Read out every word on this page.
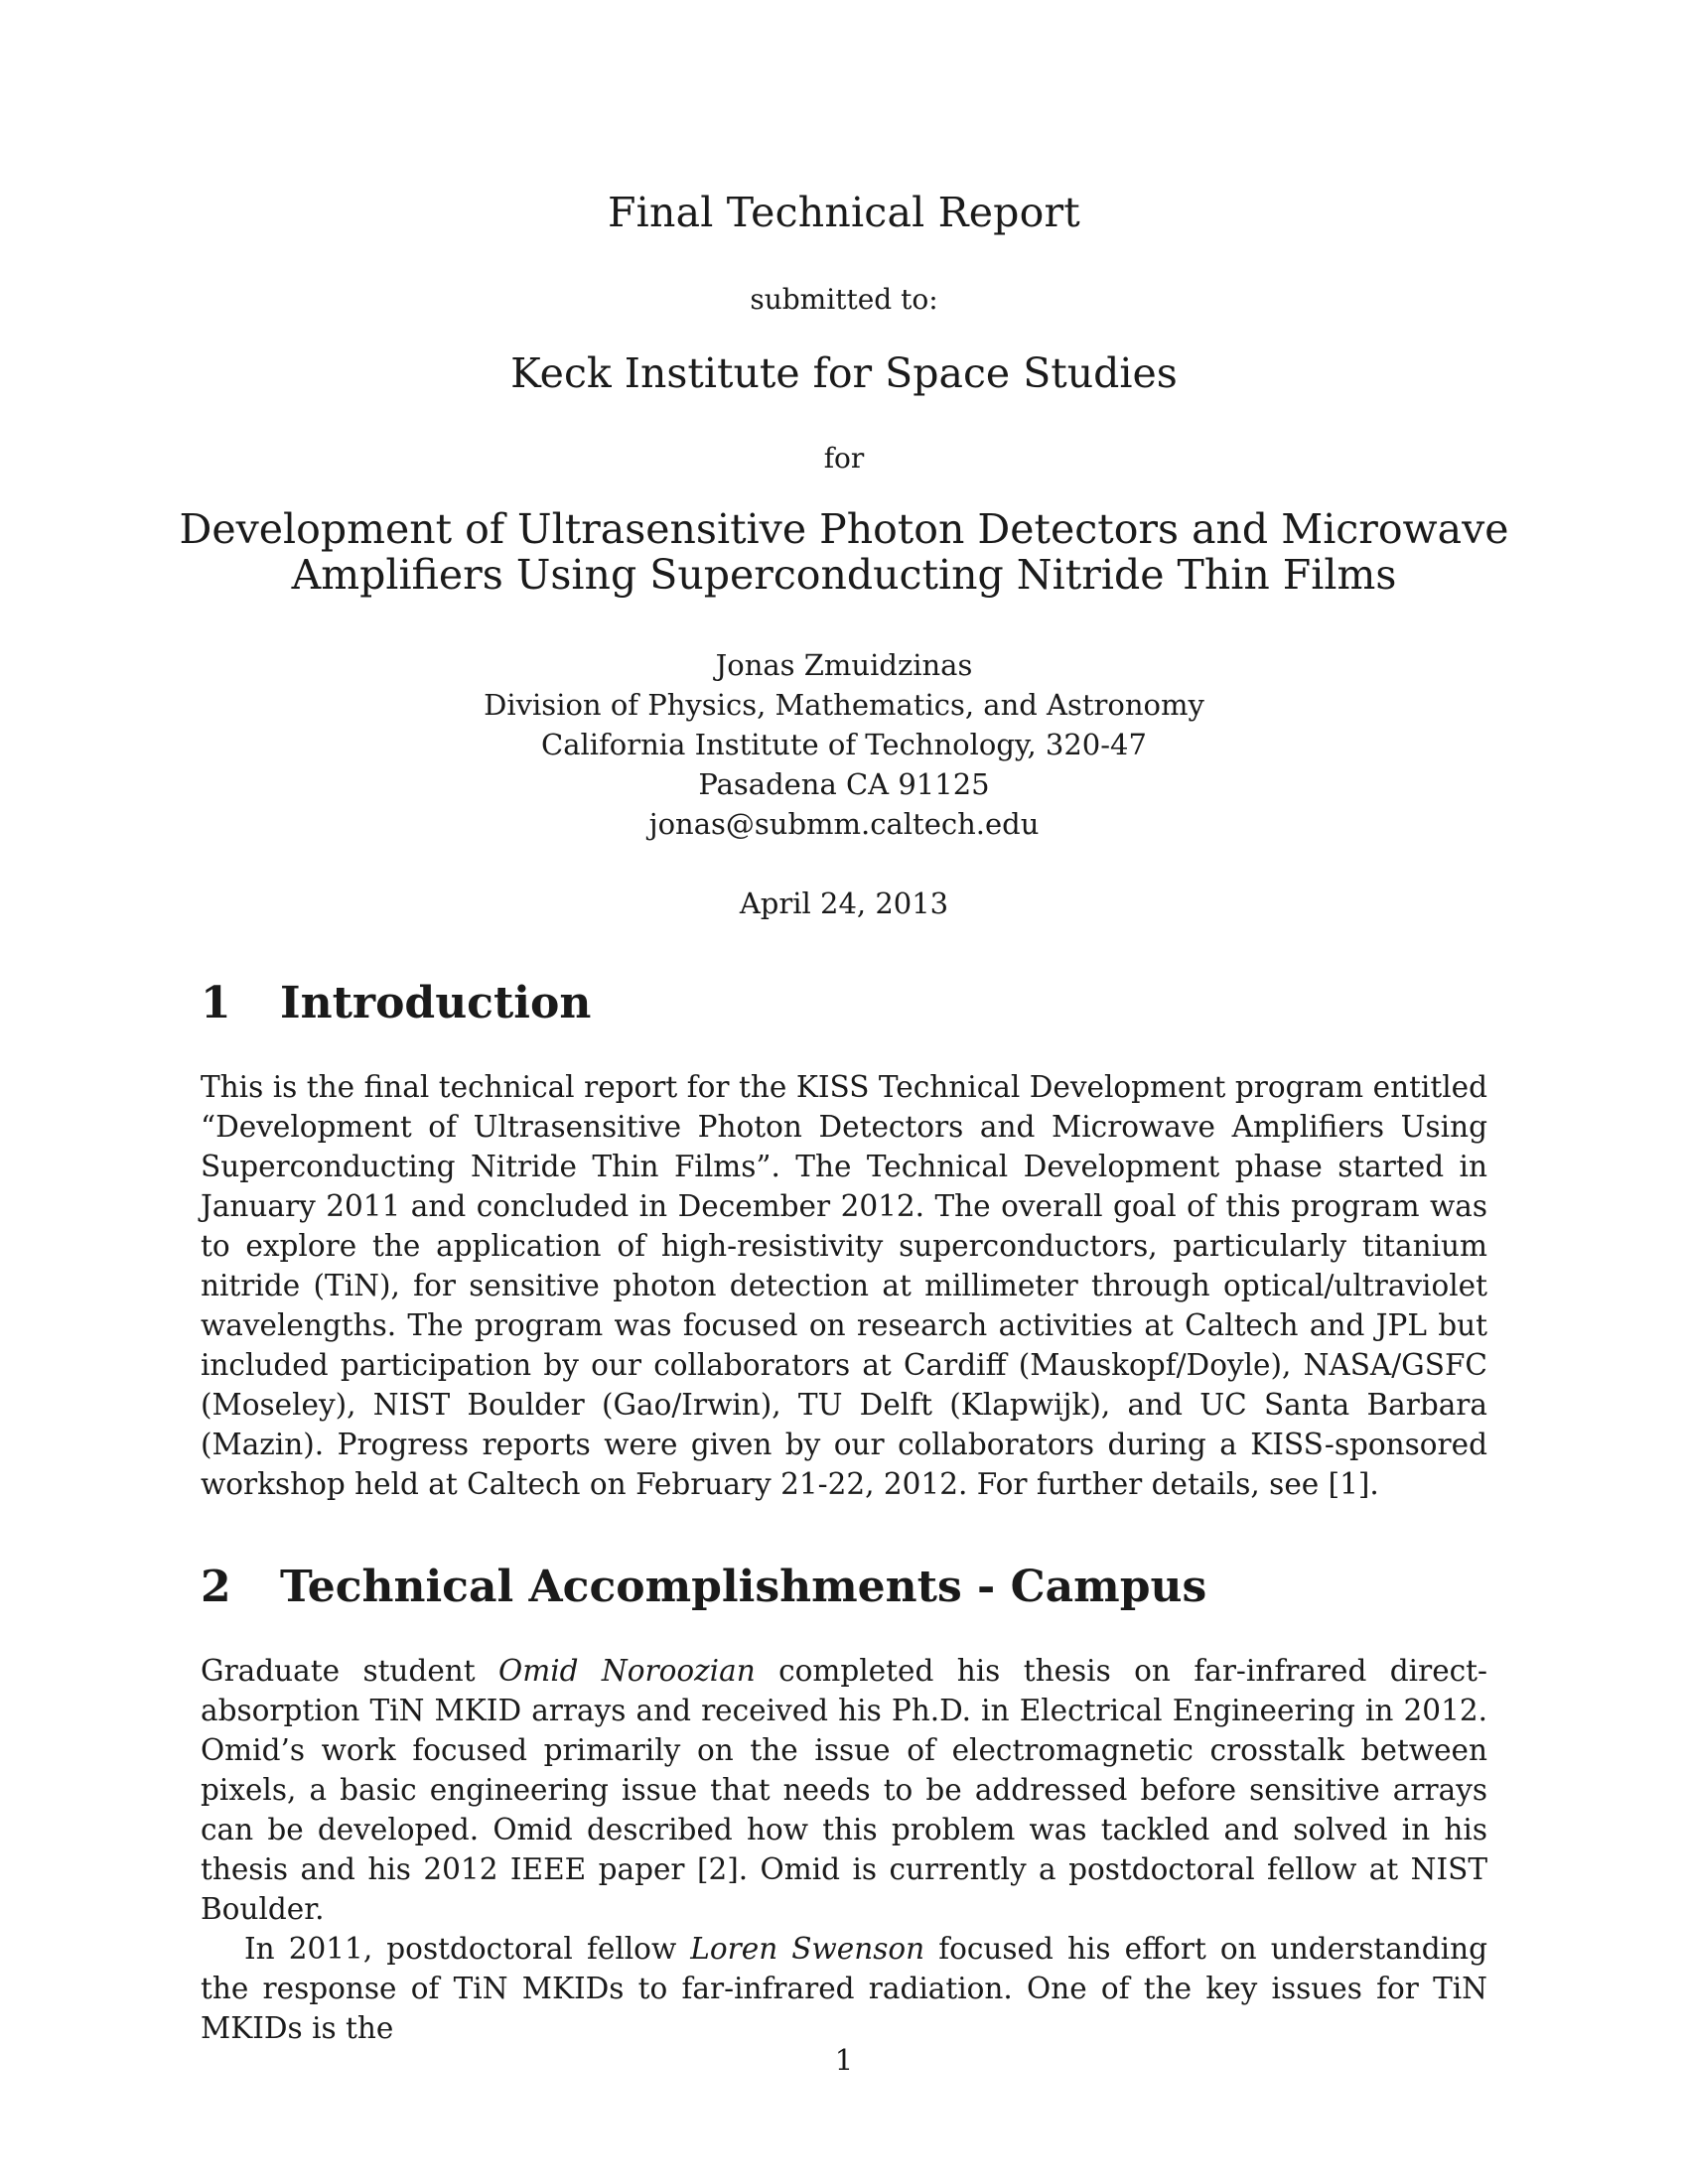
Final Technical Report
submitted to:
Keck Institute for Space Studies
for
Development of Ultrasensitive Photon Detectors and Microwave
Amplifiers Using Superconducting Nitride Thin Films
Jonas Zmuidzinas
Division of Physics, Mathematics, and Astronomy
California Institute of Technology, 320-47
Pasadena CA 91125
jonas@submm.caltech.edu
April 24, 2013
1 Introduction

This is the final technical report for the KISS Technical Development program entitled “Development of Ultrasensitive Photon Detectors and Microwave Amplifiers Using Superconducting Nitride Thin Films”. The Technical Development phase started in January 2011 and concluded in December 2012. The overall goal of this program was to explore the application of high-resistivity superconductors, particularly titanium nitride (TiN), for sensitive photon detection at millimeter through optical/ultraviolet wavelengths. The program was focused on research activities at Caltech and JPL but included participation by our collaborators at Cardiff (Mauskopf/Doyle), NASA/GSFC (Moseley), NIST Boulder (Gao/Irwin), TU Delft (Klapwijk), and UC Santa Barbara (Mazin). Progress reports were given by our collaborators during a KISS-sponsored workshop held at Caltech on February 21-22, 2012. For further details, see [1].

2 Technical Accomplishments - Campus

Graduate student Omid Noroozian completed his thesis on far-infrared direct-absorption TiN MKID arrays and received his Ph.D. in Electrical Engineering in 2012. Omid’s work focused primarily on the issue of electromagnetic crosstalk between pixels, a basic engineering issue that needs to be addressed before sensitive arrays can be developed. Omid described how this problem was tackled and solved in his thesis and his 2012 IEEE paper [2]. Omid is currently a postdoctoral fellow at NIST Boulder.

In 2011, postdoctoral fellow Loren Swenson focused his effort on understanding the response of TiN MKIDs to far-infrared radiation. One of the key issues for TiN MKIDs is the

1
